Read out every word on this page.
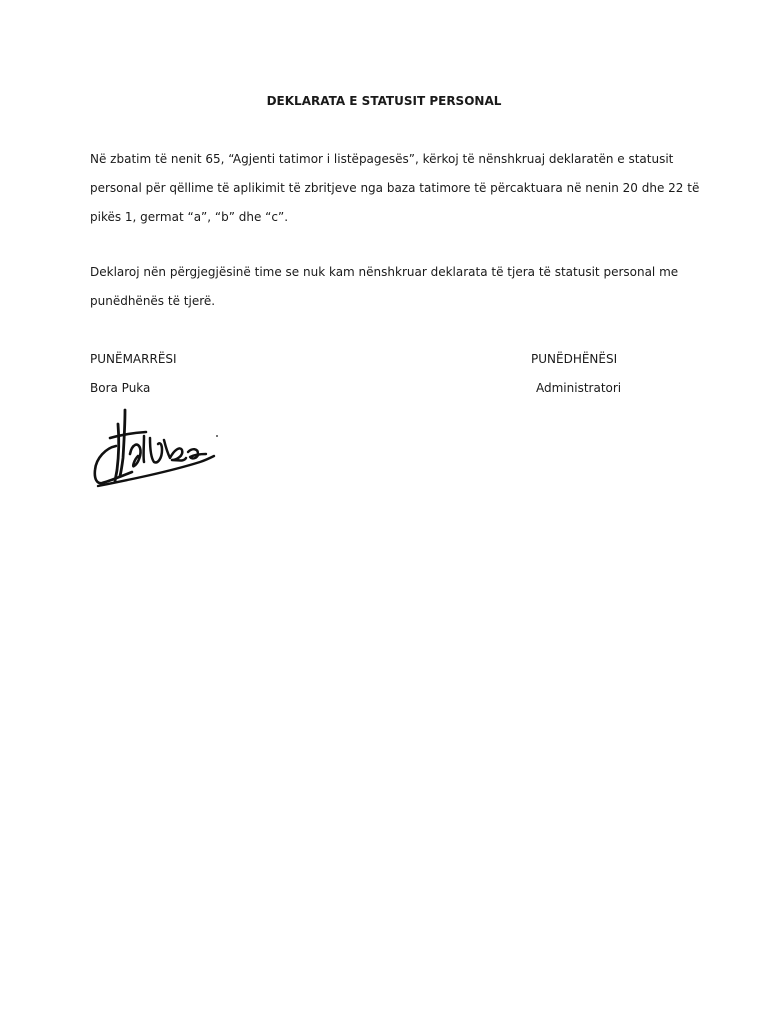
DEKLARATA E STATUSIT PERSONAL

Në zbatim të nenit 65, “Agjenti tatimor i listëpagesës”, kërkoj të nënshkruaj deklaratën e statusit
personal për qëllime të aplikimit të zbritjeve nga baza tatimore të përcaktuara në nenin 20 dhe 22 të
pikës 1, germat “a”, “b” dhe “c”.

Deklaroj nën përgjegjësinë time se nuk kam nënshkruar deklarata të tjera të statusit personal me
punëdhënës të tjerë.

PUNËMARRËSI
Bora Puka
PUNËDHËNËSI
Administratori
